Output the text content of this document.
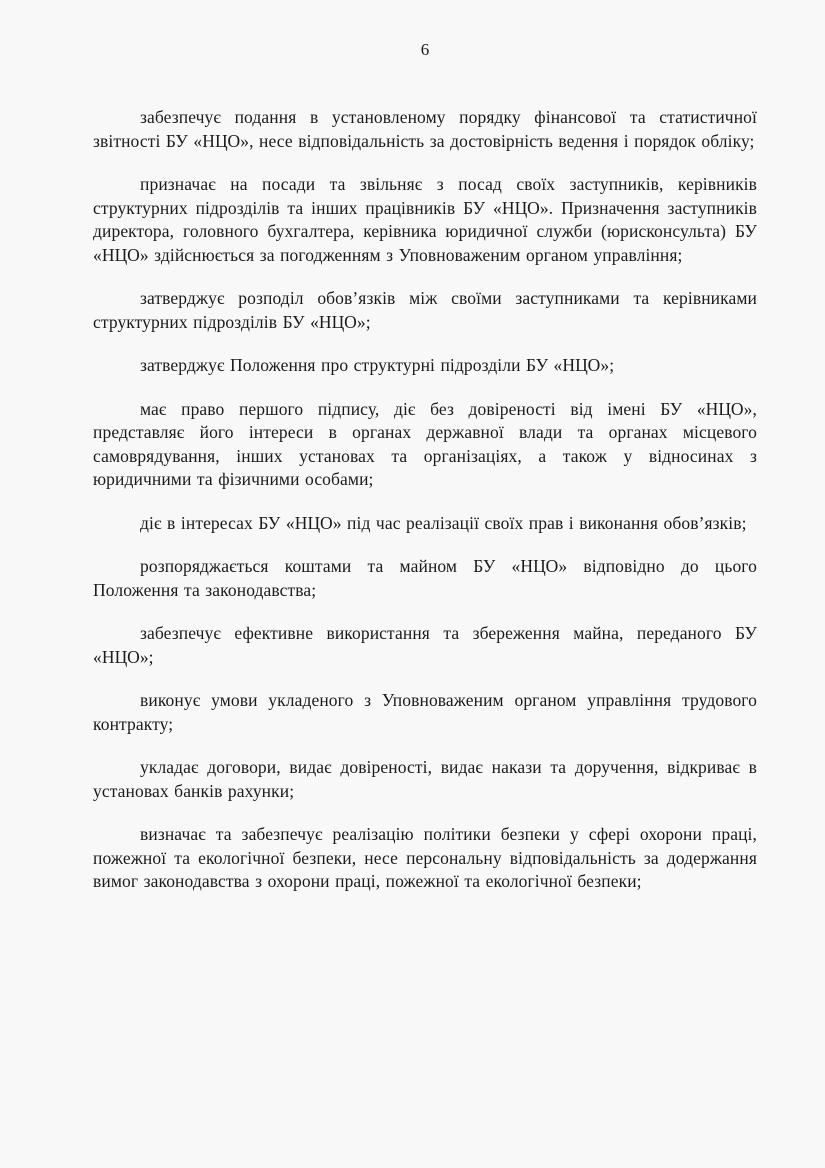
6

забезпечує подання в установленому порядку фінансової та статистичної звітності БУ «НЦО», несе відповідальність за достовірність ведення і порядок обліку;

призначає на посади та звільняє з посад своїх заступників, керівників структурних підрозділів та інших працівників БУ «НЦО». Призначення заступників директора, головного бухгалтера, керівника юридичної служби (юрисконсульта) БУ «НЦО» здійснюється за погодженням з Уповноваженим органом управління;

затверджує розподіл обов’язків між своїми заступниками та керівниками структурних підрозділів БУ «НЦО»;

затверджує Положення про структурні підрозділи БУ «НЦО»;

має право першого підпису, діє без довіреності від імені БУ «НЦО», представляє його інтереси в органах державної влади та органах місцевого самоврядування, інших установах та організаціях, а також у відносинах з юридичними та фізичними особами;

діє в інтересах БУ «НЦО» під час реалізації своїх прав і виконання обов’язків;

розпоряджається коштами та майном БУ «НЦО» відповідно до цього Положення та законодавства;

забезпечує ефективне використання та збереження майна, переданого БУ «НЦО»;

виконує умови укладеного з Уповноваженим органом управління трудового контракту;

укладає договори, видає довіреності, видає накази та доручення, відкриває в установах банків рахунки;

визначає та забезпечує реалізацію політики безпеки у сфері охорони праці, пожежної та екологічної безпеки, несе персональну відповідальність за додержання вимог законодавства з охорони праці, пожежної та екологічної безпеки;
